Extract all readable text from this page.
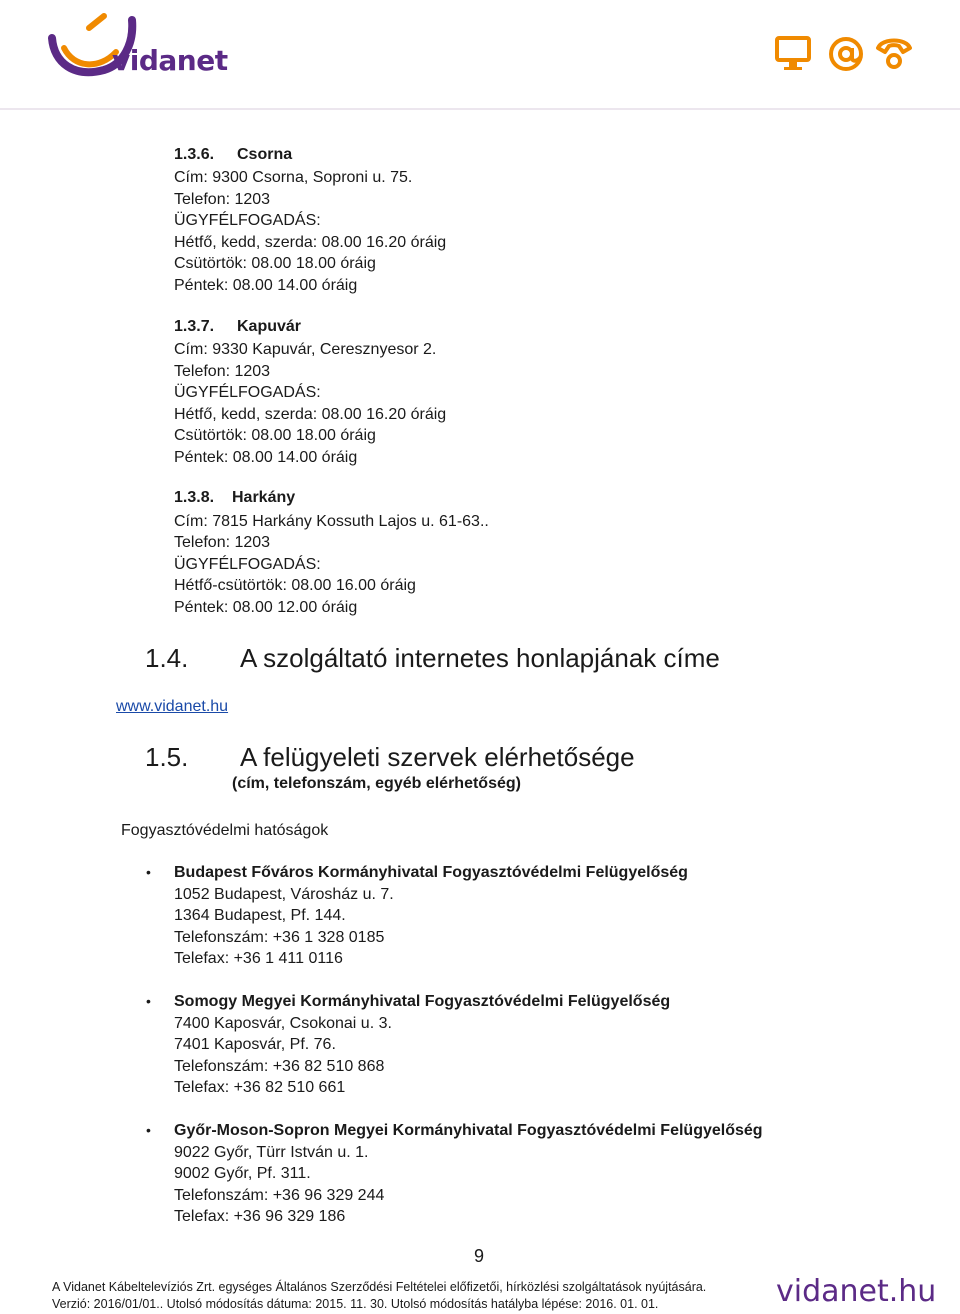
vidanet
1.3.6. Csorna
Cím: 9300 Csorna, Soproni u. 75.
Telefon: 1203
ÜGYFÉLFOGADÁS:
Hétfő, kedd, szerda: 08.00 16.20 óráig
Csütörtök: 08.00 18.00 óráig
Péntek: 08.00 14.00 óráig
1.3.7. Kapuvár
Cím: 9330 Kapuvár, Ceresznyesor 2.
Telefon: 1203
ÜGYFÉLFOGADÁS:
Hétfő, kedd, szerda: 08.00 16.20 óráig
Csütörtök: 08.00 18.00 óráig
Péntek: 08.00 14.00 óráig
1.3.8. Harkány
Cím: 7815 Harkány Kossuth Lajos u. 61-63..
Telefon: 1203
ÜGYFÉLFOGADÁS:
Hétfő-csütörtök: 08.00 16.00 óráig
Péntek: 08.00 12.00 óráig
1.4. A szolgáltató internetes honlapjának címe
www.vidanet.hu
1.5. A felügyeleti szervek elérhetősége
(cím, telefonszám, egyéb elérhetőség)
Fogyasztóvédelmi hatóságok
• Budapest Főváros Kormányhivatal Fogyasztóvédelmi Felügyelőség
1052 Budapest, Városház u. 7.
1364 Budapest, Pf. 144.
Telefonszám: +36 1 328 0185
Telefax: +36 1 411 0116
• Somogy Megyei Kormányhivatal Fogyasztóvédelmi Felügyelőség
7400 Kaposvár, Csokonai u. 3.
7401 Kaposvár, Pf. 76.
Telefonszám: +36 82 510 868
Telefax: +36 82 510 661
• Győr-Moson-Sopron Megyei Kormányhivatal Fogyasztóvédelmi Felügyelőség
9022 Győr, Türr István u. 1.
9002 Győr, Pf. 311.
Telefonszám: +36 96 329 244
Telefax: +36 96 329 186
9
A Vidanet Kábeltelevíziós Zrt. egységes Általános Szerződési Feltételei előfizetői, hírközlési szolgáltatások nyújtására.
Verzió: 2016/01/01.. Utolsó módosítás dátuma: 2015. 11. 30. Utolsó módosítás hatályba lépése: 2016. 01. 01.	vidanet.hu
